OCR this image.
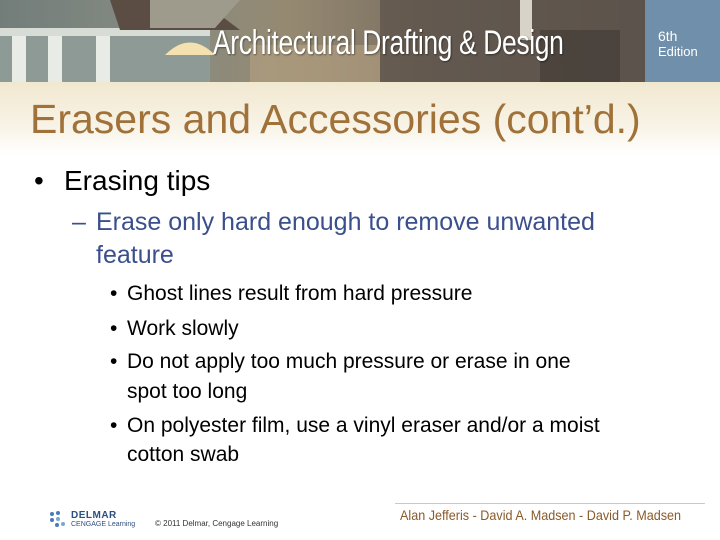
Architectural Drafting & Design	6th
Edition
Erasers and Accessories (cont’d.)
• Erasing tips
– Erase only hard enough to remove unwanted
feature
• Ghost lines result from hard pressure
• Work slowly
• Do not apply too much pressure or erase in one
spot too long
• On polyester film, use a vinyl eraser and/or a moist
cotton swab
DELMAR
CENGAGE Learning © 2011 Delmar, Cengage Learning
Alan Jefferis - David A. Madsen - David P. Madsen
